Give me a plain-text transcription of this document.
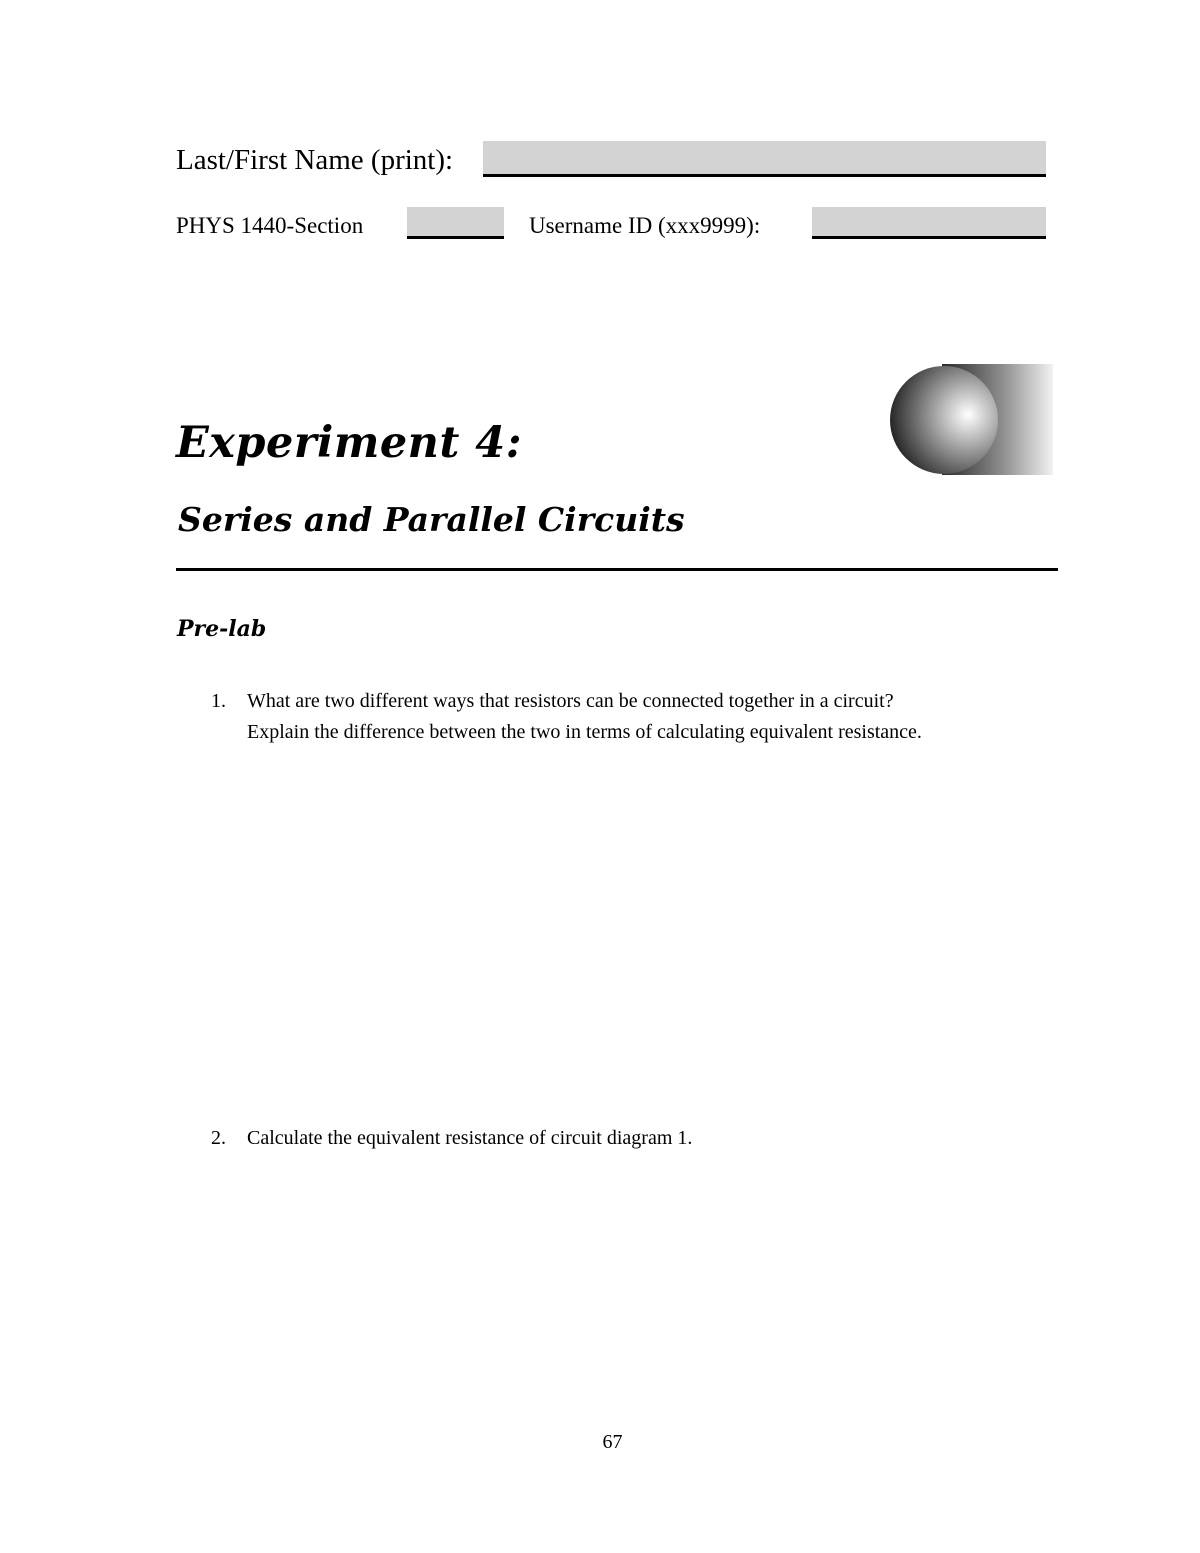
Last/First Name (print):
PHYS 1440-Section	Username ID (xxx9999):
Experiment 4:
Series and Parallel Circuits
Pre-lab
1. What are two different ways that resistors can be connected together in a circuit?
Explain the difference between the two in terms of calculating equivalent resistance.
2. Calculate the equivalent resistance of circuit diagram 1.
67
